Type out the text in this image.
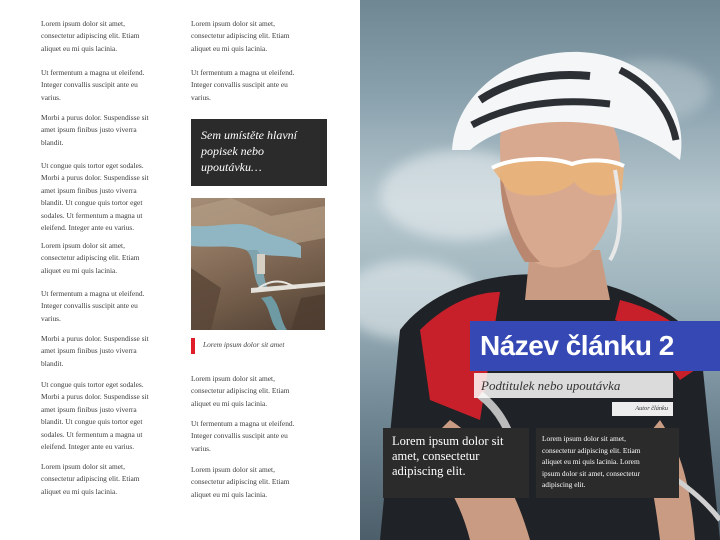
Lorem ipsum dolor sit amet,
consectetur adipiscing elit. Etiam
aliquet eu mi quis lacinia.
Ut fermentum a magna ut eleifend.
Integer convallis suscipit ante eu
varius.
Morbi a purus dolor. Suspendisse sit
amet ipsum finibus justo viverra
blandit.
Ut congue quis tortor eget sodales.
Morbi a purus dolor. Suspendisse sit
amet ipsum finibus justo viverra
blandit. Ut congue quis tortor eget
sodales. Ut fermentum a magna ut
eleifend. Integer ante eu varius.
Lorem ipsum dolor sit amet,
consectetur adipiscing elit. Etiam
aliquet eu mi quis lacinia.
Ut fermentum a magna ut eleifend.
Integer convallis suscipit ante eu
varius.
Morbi a purus dolor. Suspendisse sit
amet ipsum finibus justo viverra
blandit.
Ut congue quis tortor eget sodales.
Morbi a purus dolor. Suspendisse sit
amet ipsum finibus justo viverra
blandit. Ut congue quis tortor eget
sodales. Ut fermentum a magna ut
eleifend. Integer ante eu varius.
Lorem ipsum dolor sit amet,
consectetur adipiscing elit. Etiam
aliquet eu mi quis lacinia.
Lorem ipsum dolor sit amet,
consectetur adipiscing elit. Etiam
aliquet eu mi quis lacinia.
Ut fermentum a magna ut eleifend.
Integer convallis suscipit ante eu
varius.
Sem umístěte hlavní popisek nebo upoutávku…
Lorem ipsum dolor sit amet
Lorem ipsum dolor sit amet,
consectetur adipiscing elit. Etiam
aliquet eu mi quis lacinia.
Ut fermentum a magna ut eleifend.
Integer convallis suscipit ante eu
varius.
Lorem ipsum dolor sit amet,
consectetur adipiscing elit. Etiam
aliquet eu mi quis lacinia.
Název článku 2
Podtitulek nebo upoutávka
Autor článku
Lorem ipsum dolor sit amet, consectetur adipiscing elit.
Lorem ipsum dolor sit amet,
consectetur adipiscing elit. Etiam
aliquet eu mi quis lacinia. Lorem
ipsum dolor sit amet, consectetur
adipiscing elit.
